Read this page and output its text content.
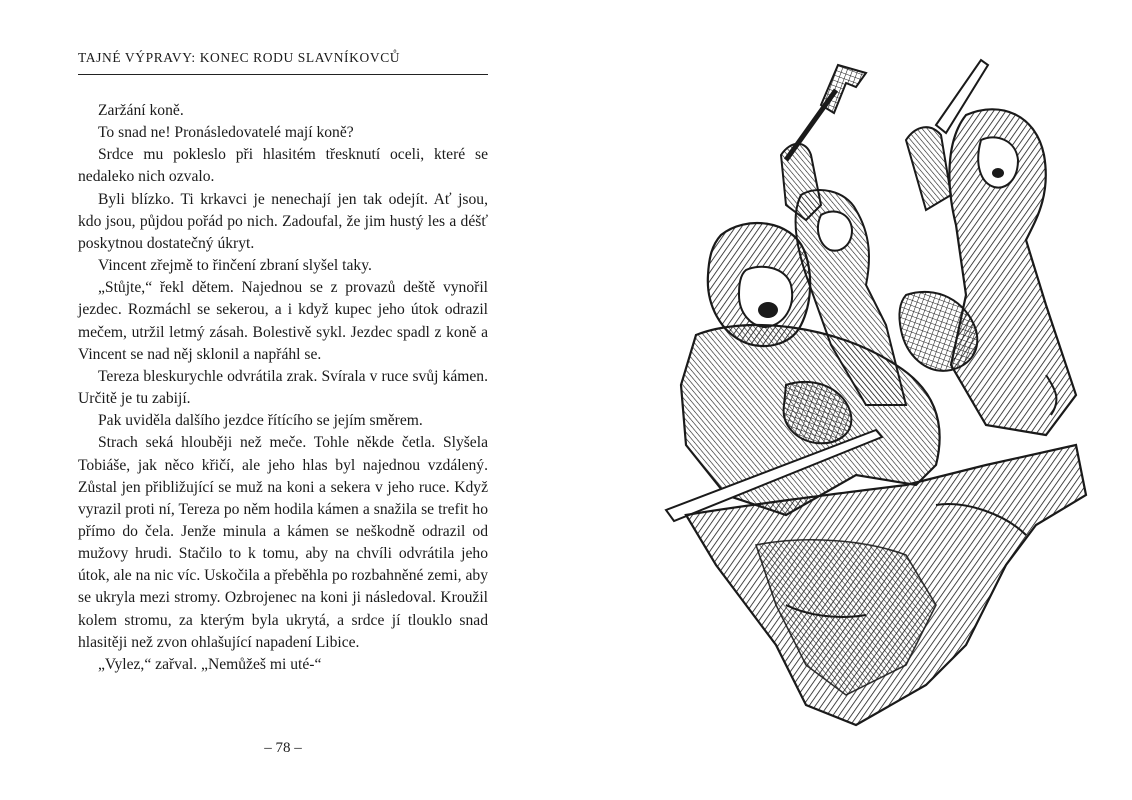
TAJNÉ VÝPRAVY: KONEC RODU SLAVNÍKOVCŮ

Zaržání koně.

To snad ne! Pronásledovatelé mají koně?

Srdce mu pokleslo při hlasitém třesknutí oceli, které se nedaleko nich ozvalo.

Byli blízko. Ti krkavci je nenechají jen tak odejít. Ať jsou, kdo jsou, půjdou pořád po nich. Zadoufal, že jim hustý les a déšť poskytnou dostatečný úkryt.

Vincent zřejmě to řinčení zbraní slyšel taky.

„Stůjte,“ řekl dětem. Najednou se z provazů deště vynořil jezdec. Rozmáchl se sekerou, a i když kupec jeho útok odrazil mečem, utržil letmý zásah. Bolestivě sykl. Jezdec spadl z koně a Vincent se nad něj sklonil a napřáhl se.

Tereza bleskurychle odvrátila zrak. Svírala v ruce svůj kámen. Určitě je tu zabijí.

Pak uviděla dalšího jezdce řítícího se jejím směrem.

Strach seká hlouběji než meče. Tohle někde četla. Slyšela Tobiáše, jak něco křičí, ale jeho hlas byl najednou vzdálený. Zůstal jen přibližující se muž na koni a sekera v jeho ruce. Když vyrazil proti ní, Tereza po něm hodila kámen a snažila se trefit ho přímo do čela. Jenže minula a kámen se neškodně odrazil od mužovy hrudi. Stačilo to k tomu, aby na chvíli odvrátila jeho útok, ale na nic víc. Uskočila a přeběhla po rozbahněné zemi, aby se ukryla mezi stromy. Ozbrojenec na koni ji následoval. Kroužil kolem stromu, za kterým byla ukrytá, a srdce jí tlouklo snad hlasitěji než zvon ohlašující napadení Libice.

„Vylez,“ zařval. „Nemůžeš mi uté-“

– 78 –
